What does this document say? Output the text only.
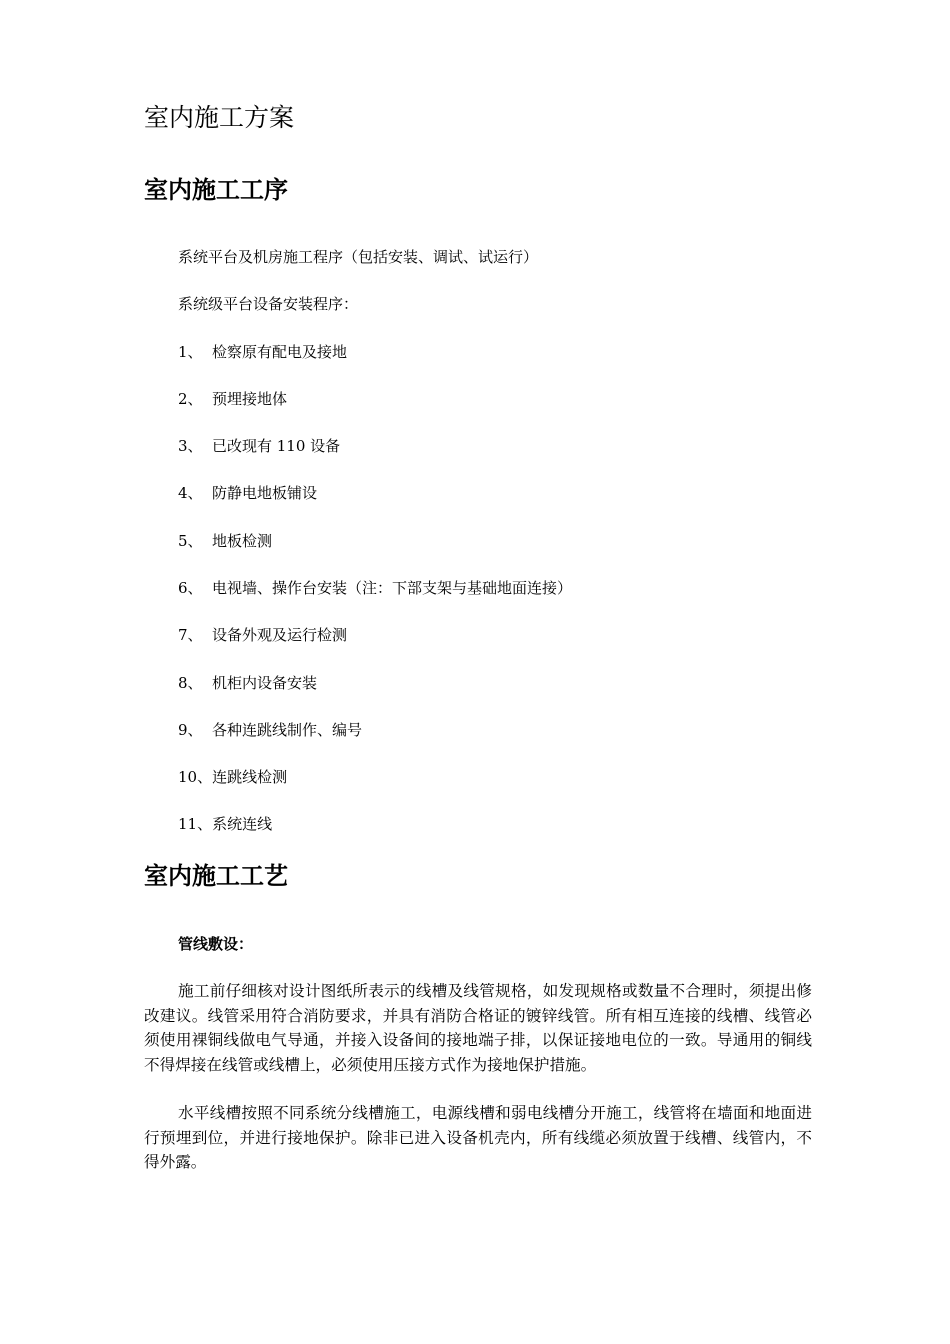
室内施工方案
室内施工工序
系统平台及机房施工程序（包括安装、调试、试运行）
系统级平台设备安装程序：
1、 检察原有配电及接地
2、 预埋接地体
3、 已改现有 110 设备
4、 防静电地板铺设
5、 地板检测
6、 电视墙、操作台安装（注：下部支架与基础地面连接）
7、 设备外观及运行检测
8、 机柜内设备安装
9、 各种连跳线制作、编号
10、连跳线检测
11、系统连线
室内施工工艺
管线敷设：

施工前仔细核对设计图纸所表示的线槽及线管规格，如发现规格或数量不合理时，须提出修改建议。线管采用符合消防要求，并具有消防合格证的镀锌线管。所有相互连接的线槽、线管必须使用裸铜线做电气导通，并接入设备间的接地端子排，以保证接地电位的一致。导通用的铜线不得焊接在线管或线槽上，必须使用压接方式作为接地保护措施。

水平线槽按照不同系统分线槽施工，电源线槽和弱电线槽分开施工，线管将在墙面和地面进行预埋到位，并进行接地保护。除非已进入设备机壳内，所有线缆必须放置于线槽、线管内，不得外露。
